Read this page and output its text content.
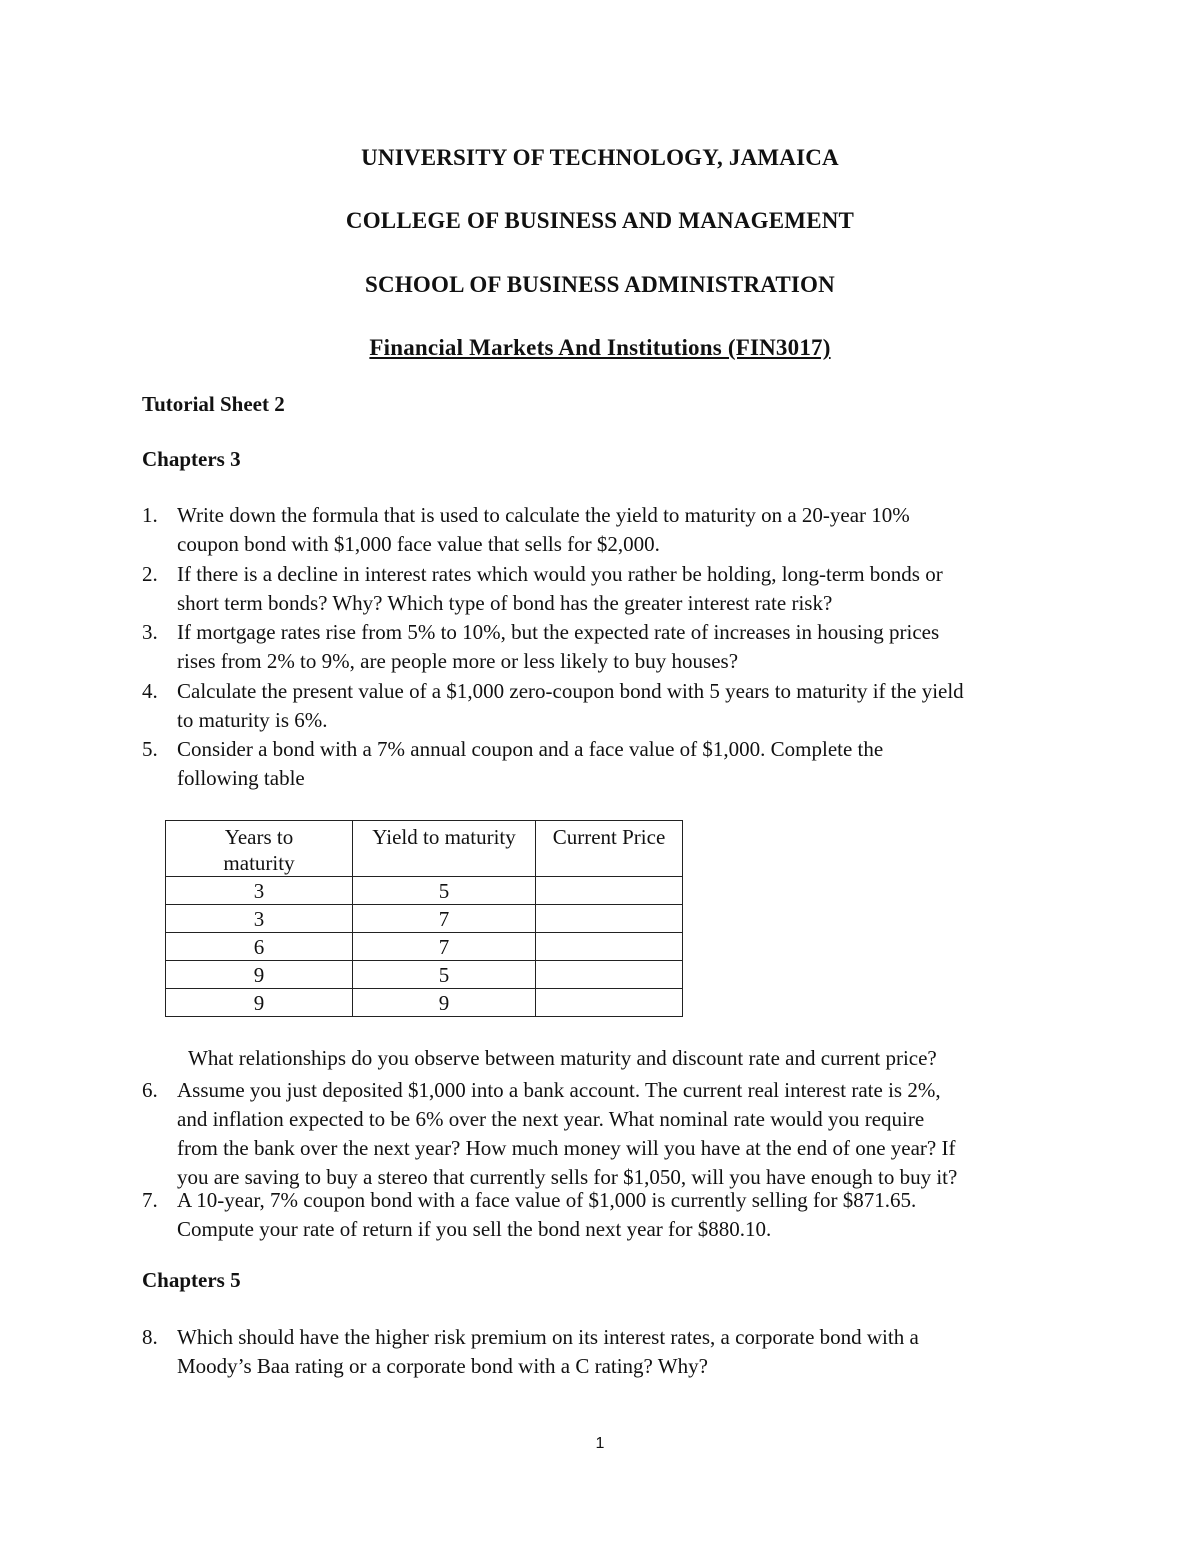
UNIVERSITY OF TECHNOLOGY, JAMAICA
COLLEGE OF BUSINESS AND MANAGEMENT
SCHOOL OF BUSINESS ADMINISTRATION
Financial Markets And Institutions (FIN3017)
Tutorial Sheet 2
Chapters 3
1. Write down the formula that is used to calculate the yield to maturity on a 20-year 10%
coupon bond with $1,000 face value that sells for $2,000.
2. If there is a decline in interest rates which would you rather be holding, long-term bonds or
short term bonds? Why? Which type of bond has the greater interest rate risk?
3. If mortgage rates rise from 5% to 10%, but the expected rate of increases in housing prices
rises from 2% to 9%, are people more or less likely to buy houses?
4. Calculate the present value of a $1,000 zero-coupon bond with 5 years to maturity if the yield
to maturity is 6%.
5. Consider a bond with a 7% annual coupon and a face value of $1,000. Complete the
following table
Years to
maturity	Yield to maturity	Current Price
3	5	
3	7	
6	7	
9	5	
9	9	
What relationships do you observe between maturity and discount rate and current price?
6. Assume you just deposited $1,000 into a bank account. The current real interest rate is 2%,
and inflation expected to be 6% over the next year. What nominal rate would you require
from the bank over the next year? How much money will you have at the end of one year? If
you are saving to buy a stereo that currently sells for $1,050, will you have enough to buy it?
7. A 10-year, 7% coupon bond with a face value of $1,000 is currently selling for $871.65.
Compute your rate of return if you sell the bond next year for $880.10.
Chapters 5
8. Which should have the higher risk premium on its interest rates, a corporate bond with a
Moody’s Baa rating or a corporate bond with a C rating? Why?
1
